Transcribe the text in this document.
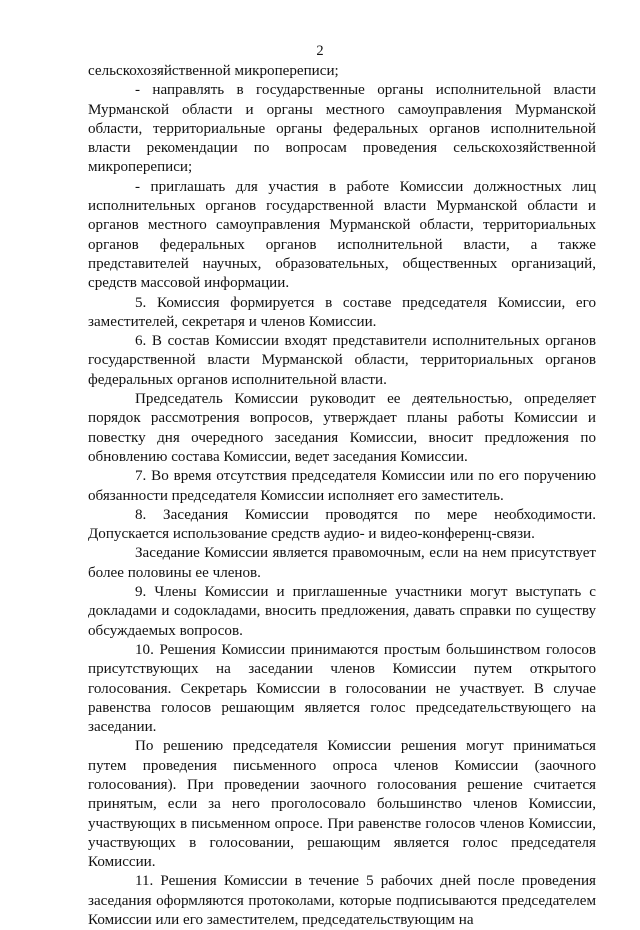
2

сельскохозяйственной микропереписи;

- направлять в государственные органы исполнительной власти Мурманской области и органы местного самоуправления Мурманской области, территориальные органы федеральных органов исполнительной власти рекомендации по вопросам проведения сельскохозяйственной микропереписи;

- приглашать для участия в работе Комиссии должностных лиц исполнительных органов государственной власти Мурманской области и органов местного самоуправления Мурманской области, территориальных органов федеральных органов исполнительной власти, а также представителей научных, образовательных, общественных организаций, средств массовой информации.

5. Комиссия формируется в составе председателя Комиссии, его заместителей, секретаря и членов Комиссии.

6. В состав Комиссии входят представители исполнительных органов государственной власти Мурманской области, территориальных органов федеральных органов исполнительной власти.

Председатель Комиссии руководит ее деятельностью, определяет порядок рассмотрения вопросов, утверждает планы работы Комиссии и повестку дня очередного заседания Комиссии, вносит предложения по обновлению состава Комиссии, ведет заседания Комиссии.

7. Во время отсутствия председателя Комиссии или по его поручению обязанности председателя Комиссии исполняет его заместитель.

8. Заседания Комиссии проводятся по мере необходимости. Допускается использование средств аудио- и видео-конференц-связи.

Заседание Комиссии является правомочным, если на нем присутствует более половины ее членов.

9. Члены Комиссии и приглашенные участники могут выступать с докладами и содокладами, вносить предложения, давать справки по существу обсуждаемых вопросов.

10. Решения Комиссии принимаются простым большинством голосов присутствующих на заседании членов Комиссии путем открытого голосования. Секретарь Комиссии в голосовании не участвует. В случае равенства голосов решающим является голос председательствующего на заседании.

По решению председателя Комиссии решения могут приниматься путем проведения письменного опроса членов Комиссии (заочного голосования). При проведении заочного голосования решение считается принятым, если за него проголосовало большинство членов Комиссии, участвующих в письменном опросе. При равенстве голосов членов Комиссии, участвующих в голосовании, решающим является голос председателя Комиссии.

11. Решения Комиссии в течение 5 рабочих дней после проведения заседания оформляются протоколами, которые подписываются председателем Комиссии или его заместителем, председательствующим на
